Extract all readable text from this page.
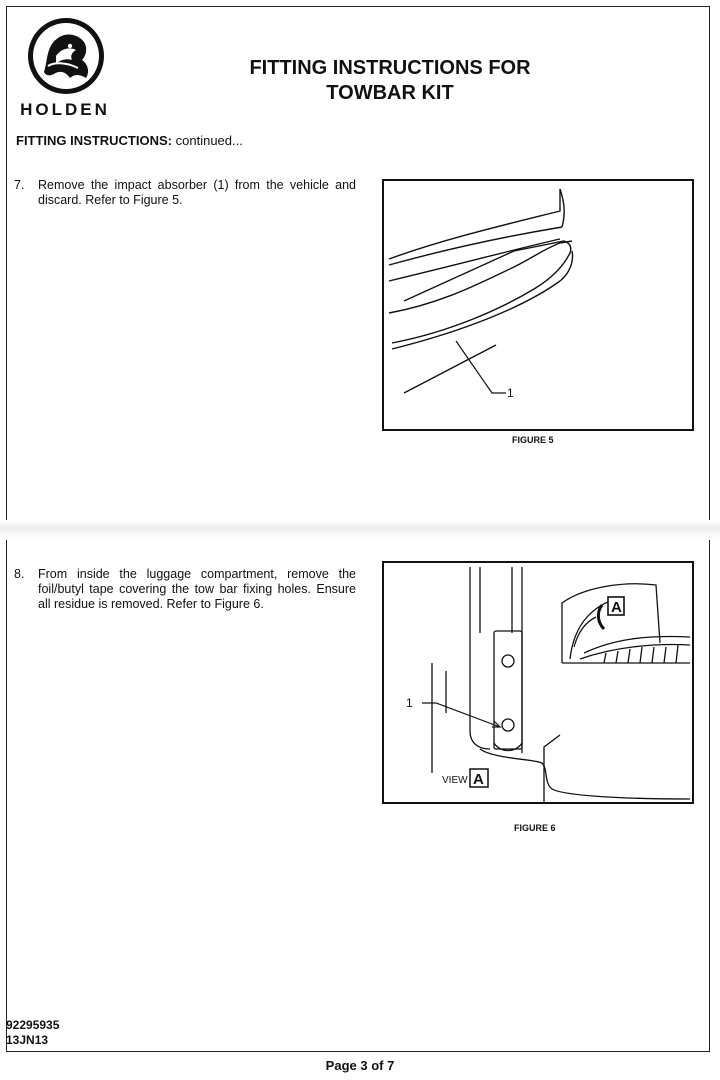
HOLDEN
FITTING INSTRUCTIONS FOR
TOWBAR KIT
FITTING INSTRUCTIONS: continued...
7.	Remove the impact absorber (1) from the vehicle and discard. Refer to Figure 5.
1
FIGURE 5
8.	From inside the luggage compartment, remove the foil/butyl tape covering the tow bar fixing holes. Ensure all residue is removed. Refer to Figure 6.
1
A
VIEW A
FIGURE 6
92295935
13JN13
Page 3 of 7
